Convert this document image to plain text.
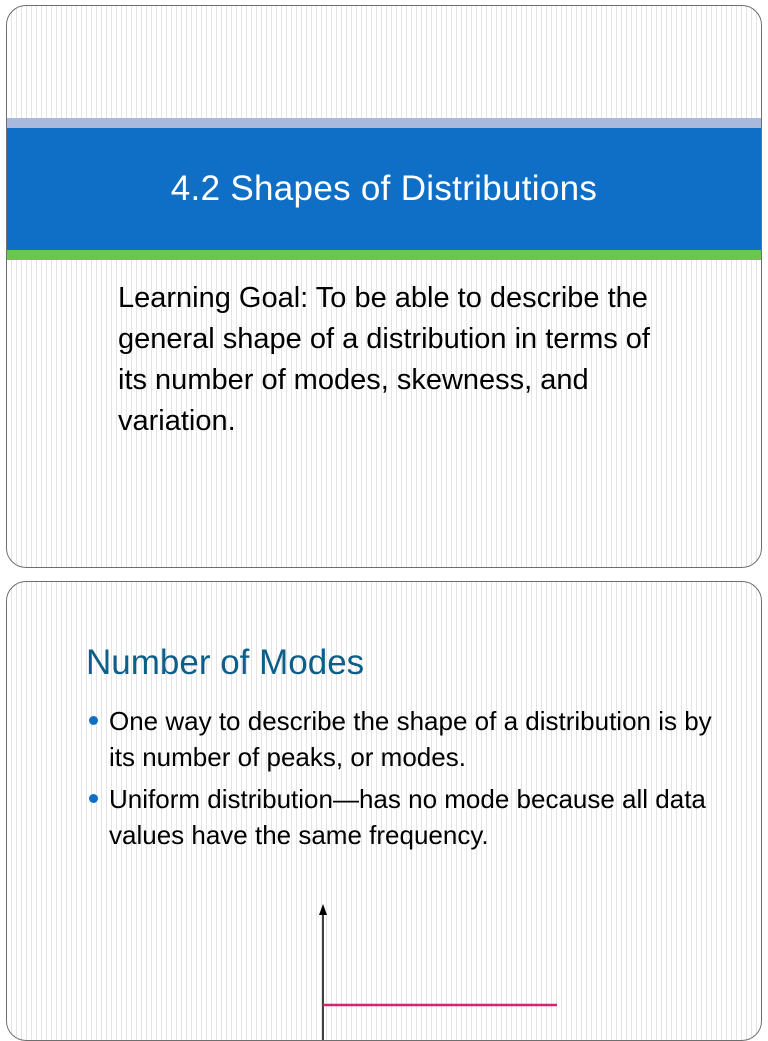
4.2 Shapes of Distributions
Learning Goal: To be able to describe the general shape of a distribution in terms of its number of modes, skewness, and variation.
Number of Modes
One way to describe the shape of a distribution is by its number of peaks, or modes.
Uniform distribution—has no mode because all data values have the same frequency.
